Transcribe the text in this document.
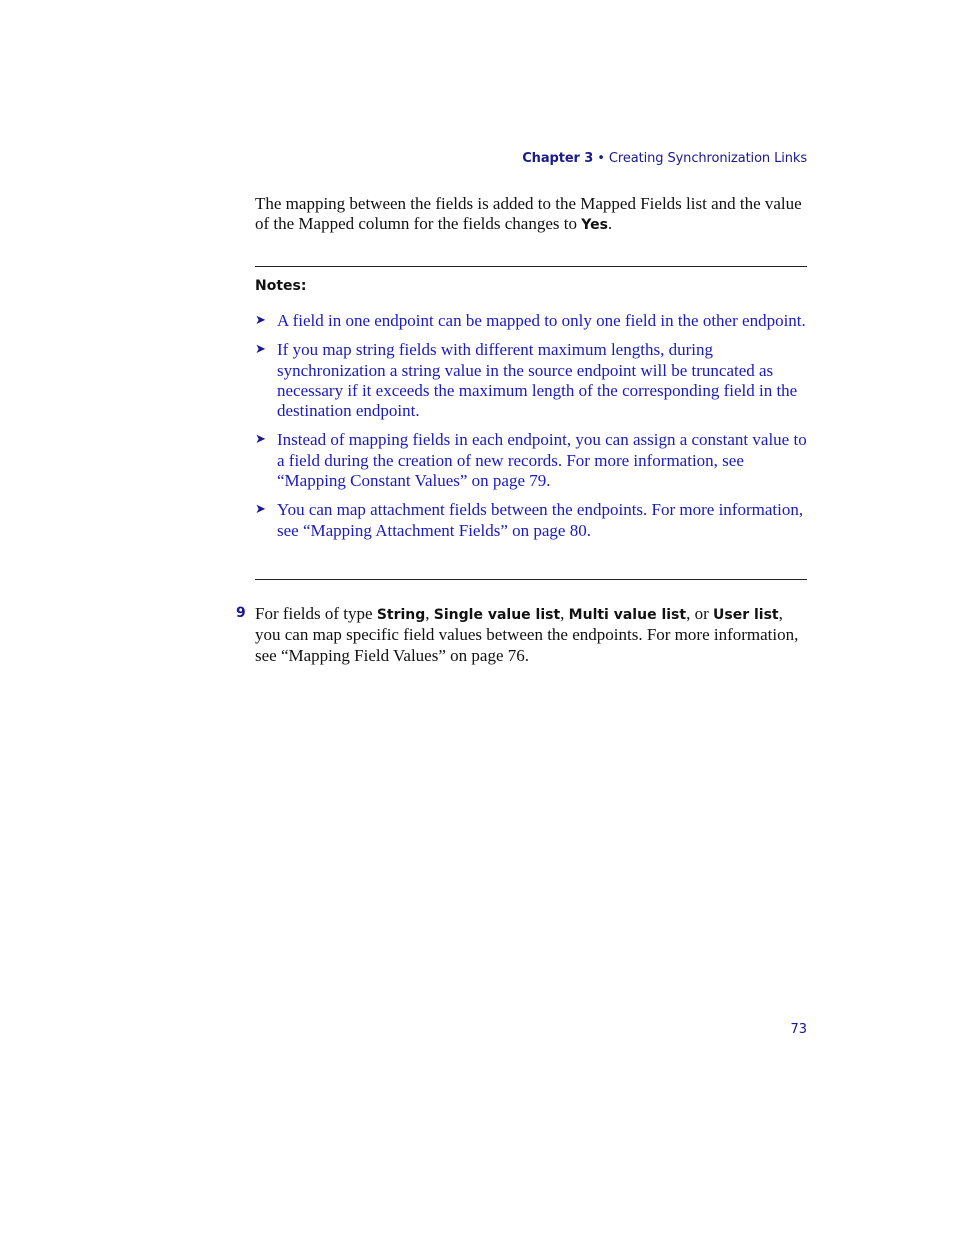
Chapter 3 • Creating Synchronization Links

The mapping between the fields is added to the Mapped Fields list and the value of the Mapped column for the fields changes to Yes.

Notes:

➤ A field in one endpoint can be mapped to only one field in the other endpoint.
➤ If you map string fields with different maximum lengths, during synchronization a string value in the source endpoint will be truncated as necessary if it exceeds the maximum length of the corresponding field in the destination endpoint.
➤ Instead of mapping fields in each endpoint, you can assign a constant value to a field during the creation of new records. For more information, see “Mapping Constant Values” on page 79.
➤ You can map attachment fields between the endpoints. For more information, see “Mapping Attachment Fields” on page 80.
9 For fields of type String, Single value list, Multi value list, or User list, you can map specific field values between the endpoints. For more information, see “Mapping Field Values” on page 76.

73
